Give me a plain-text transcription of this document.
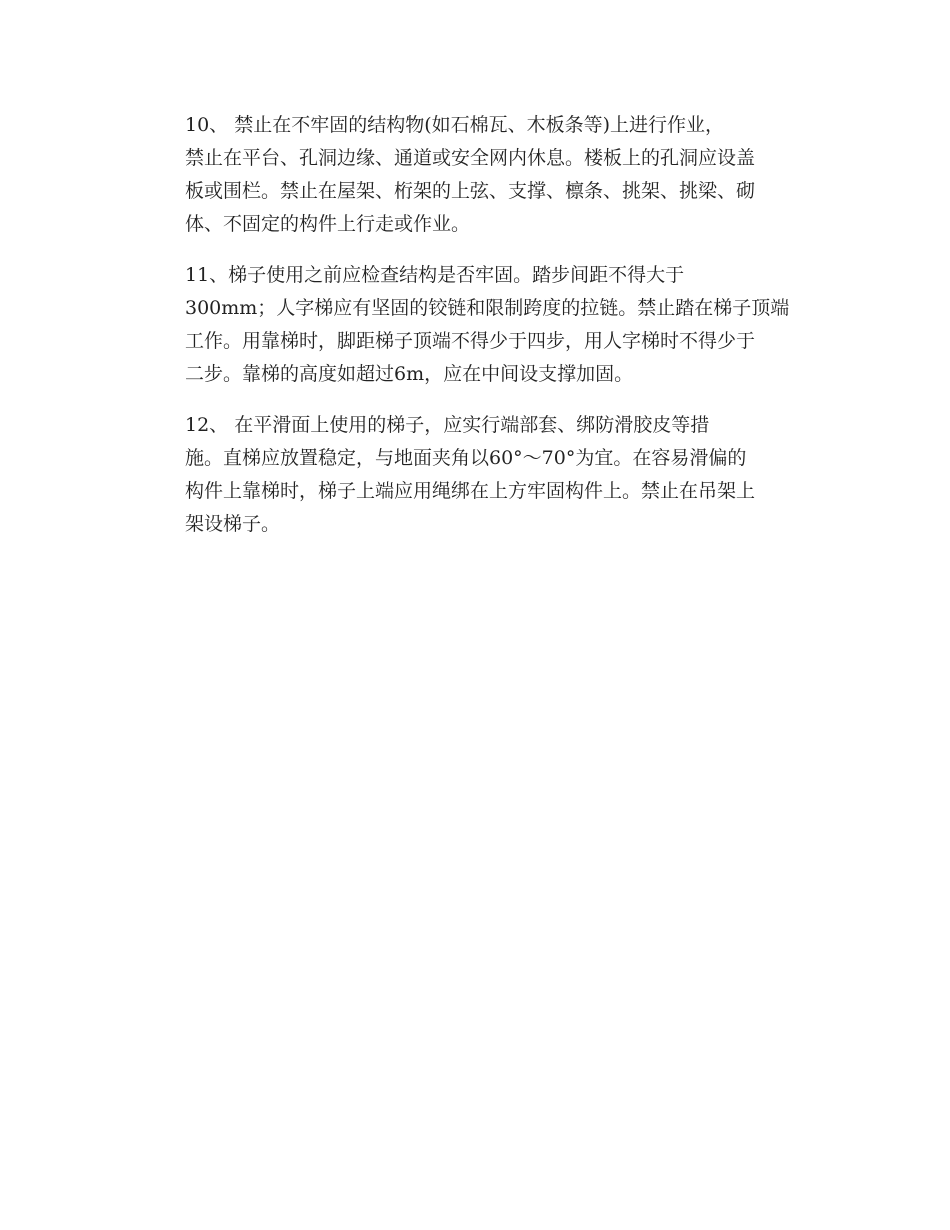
10、 禁止在不牢固的结构物(如石棉瓦、木板条等)上进行作业，
禁止在平台、孔洞边缘、通道或安全网内休息。楼板上的孔洞应设盖
板或围栏。禁止在屋架、桁架的上弦、支撑、檩条、挑架、挑梁、砌
体、不固定的构件上行走或作业。

11、梯子使用之前应检查结构是否牢固。踏步间距不得大于
300mm；人字梯应有坚固的铰链和限制跨度的拉链。禁止踏在梯子顶端
工作。用靠梯时，脚距梯子顶端不得少于四步，用人字梯时不得少于
二步。靠梯的高度如超过6m，应在中间设支撑加固。

12、 在平滑面上使用的梯子，应实行端部套、绑防滑胶皮等措
施。直梯应放置稳定，与地面夹角以60°～70°为宜。在容易滑偏的
构件上靠梯时，梯子上端应用绳绑在上方牢固构件上。禁止在吊架上
架设梯子。
